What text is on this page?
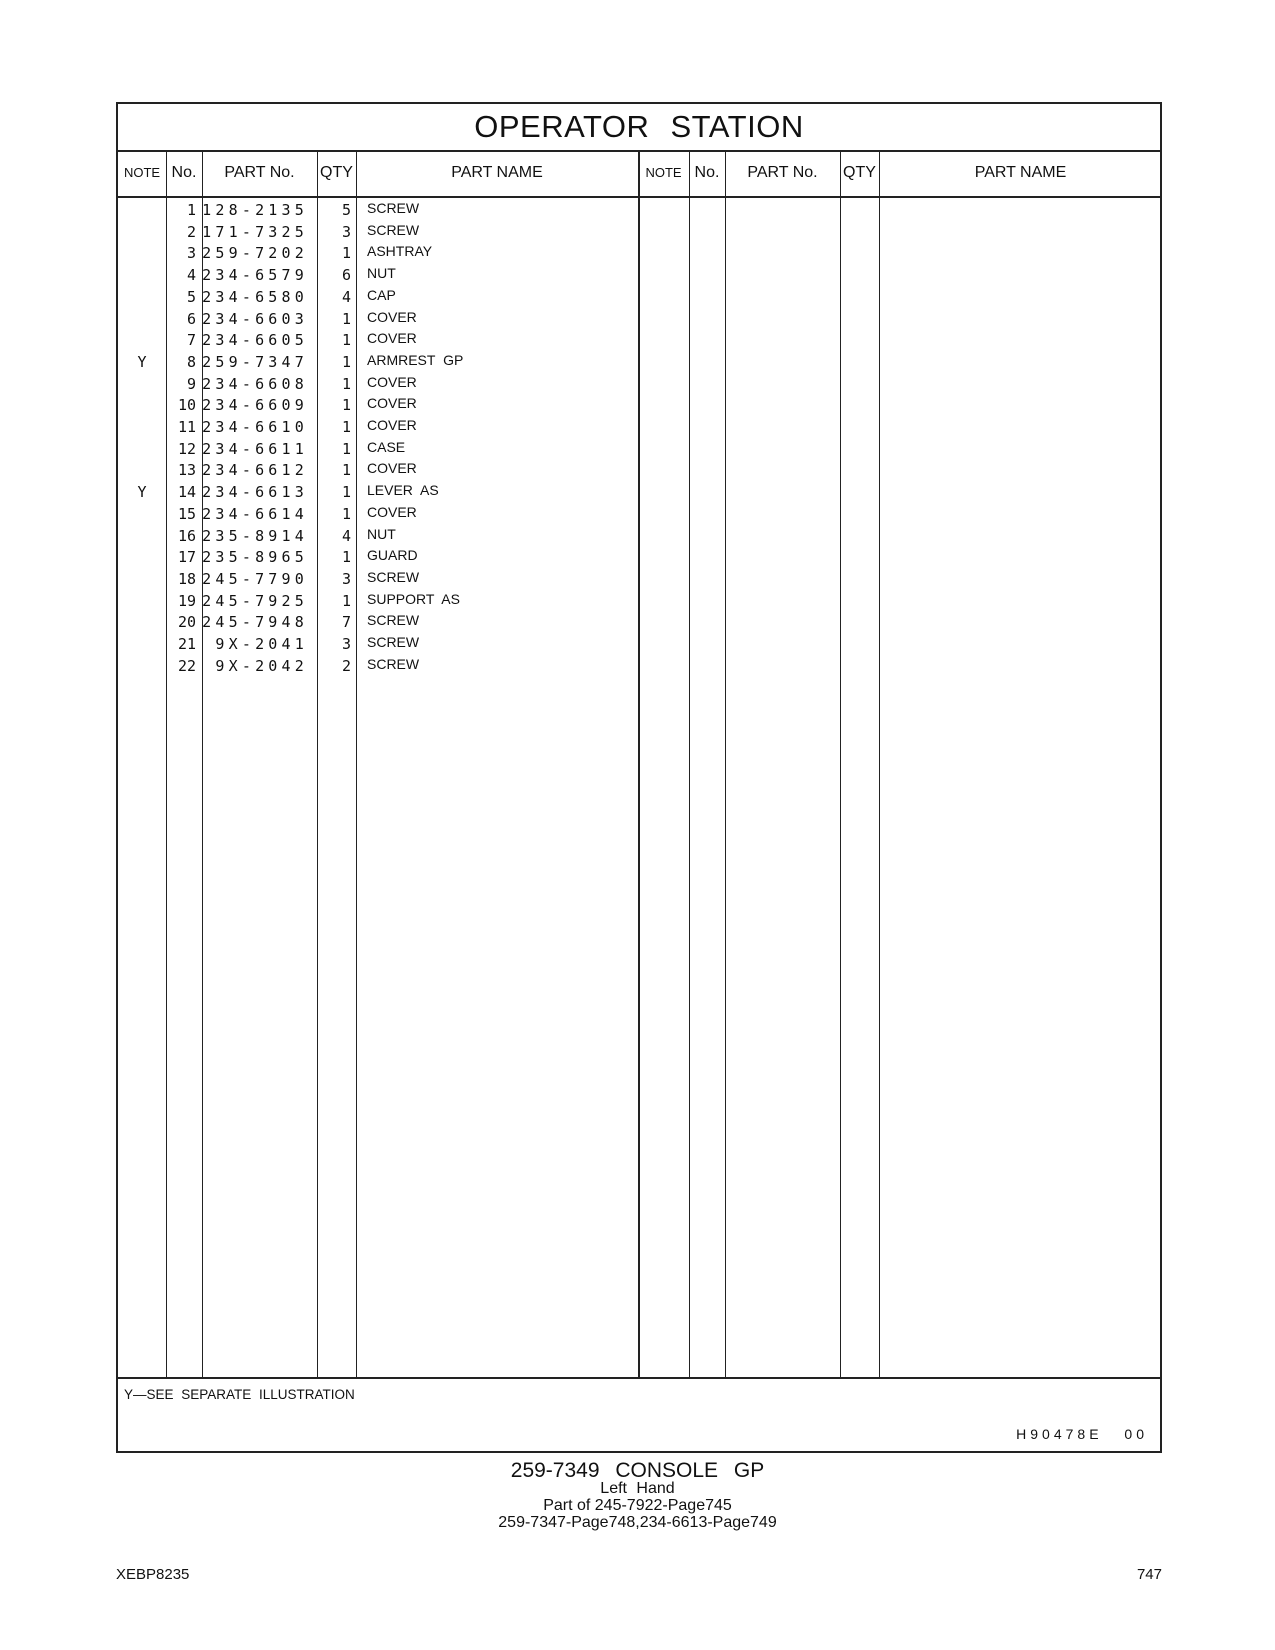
OPERATOR STATION
NOTE No.	PART No.	QTY	PART NAME	NOTE No.	PART No.	QTY	PART NAME
1 128-2135	5 SCREW
2 171-7325	3 SCREW
3 259-7202	1 ASHTRAY
4 234-6579	6 NUT
5 234-6580	4 CAP
6 234-6603	1 COVER
7 234-6605	1 COVER
Y	8 259-7347	1 ARMREST GP
9 234-6608	1 COVER
10 234-6609	1 COVER
11 234-6610	1 COVER
12 234-6611	1 CASE
13 234-6612	1 COVER
Y	14 234-6613	1 LEVER AS
15 234-6614	1 COVER
16 235-8914	4 NUT
17 235-8965	1 GUARD
18 245-7790	3 SCREW
19 245-7925	1 SUPPORT AS
20 245-7948	7 SCREW
21	9X-2041	3 SCREW
22	9X-2042	2 SCREW
Y—SEE SEPARATE ILLUSTRATION
H90478E 00
259-7349 CONSOLE GP
Left Hand
Part of 245-7922-Page745
259-7347-Page748,234-6613-Page749
XEBP8235	747
